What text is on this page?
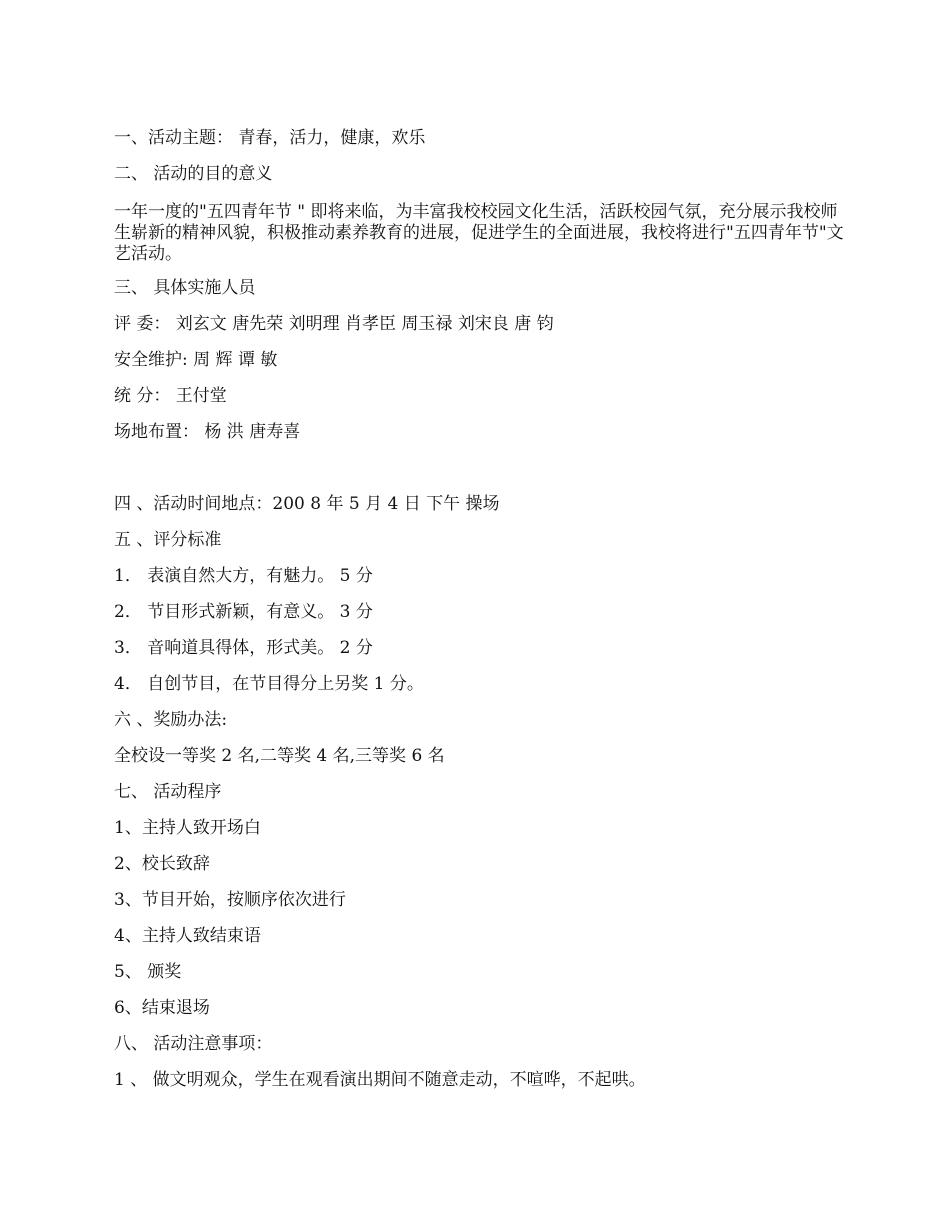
一、活动主题： 青春，活力，健康，欢乐
二、 活动的目的意义
一年一度的"五四青年节 " 即将来临，为丰富我校校园文化生活，活跃校园气氛，充分展示我校师生崭新的精神风貌，积极推动素养教育的进展，促进学生的全面进展，我校将进行"五四青年节"文艺活动。
三、 具体实施人员
评 委： 刘玄文 唐先荣 刘明理 肖孝臣 周玉禄 刘宋良 唐 钧
安全维护: 周 辉 谭 敏
统 分： 王付堂
场地布置： 杨 洪 唐寿喜
四 、活动时间地点：200 8 年 5 月 4 日 下午 操场
五 、评分标准
1． 表演自然大方，有魅力。 5 分
2． 节目形式新颖，有意义。 3 分
3． 音响道具得体，形式美。 2 分
4． 自创节目，在节目得分上另奖 1 分。
六 、奖励办法:
全校设一等奖 2 名,二等奖 4 名,三等奖 6 名
七、 活动程序
1、主持人致开场白
2、校长致辞
3、节目开始，按顺序依次进行
4、主持人致结束语
5、 颁奖
6、结束退场
八、 活动注意事项：
1 、 做文明观众，学生在观看演出期间不随意走动，不喧哗，不起哄。
